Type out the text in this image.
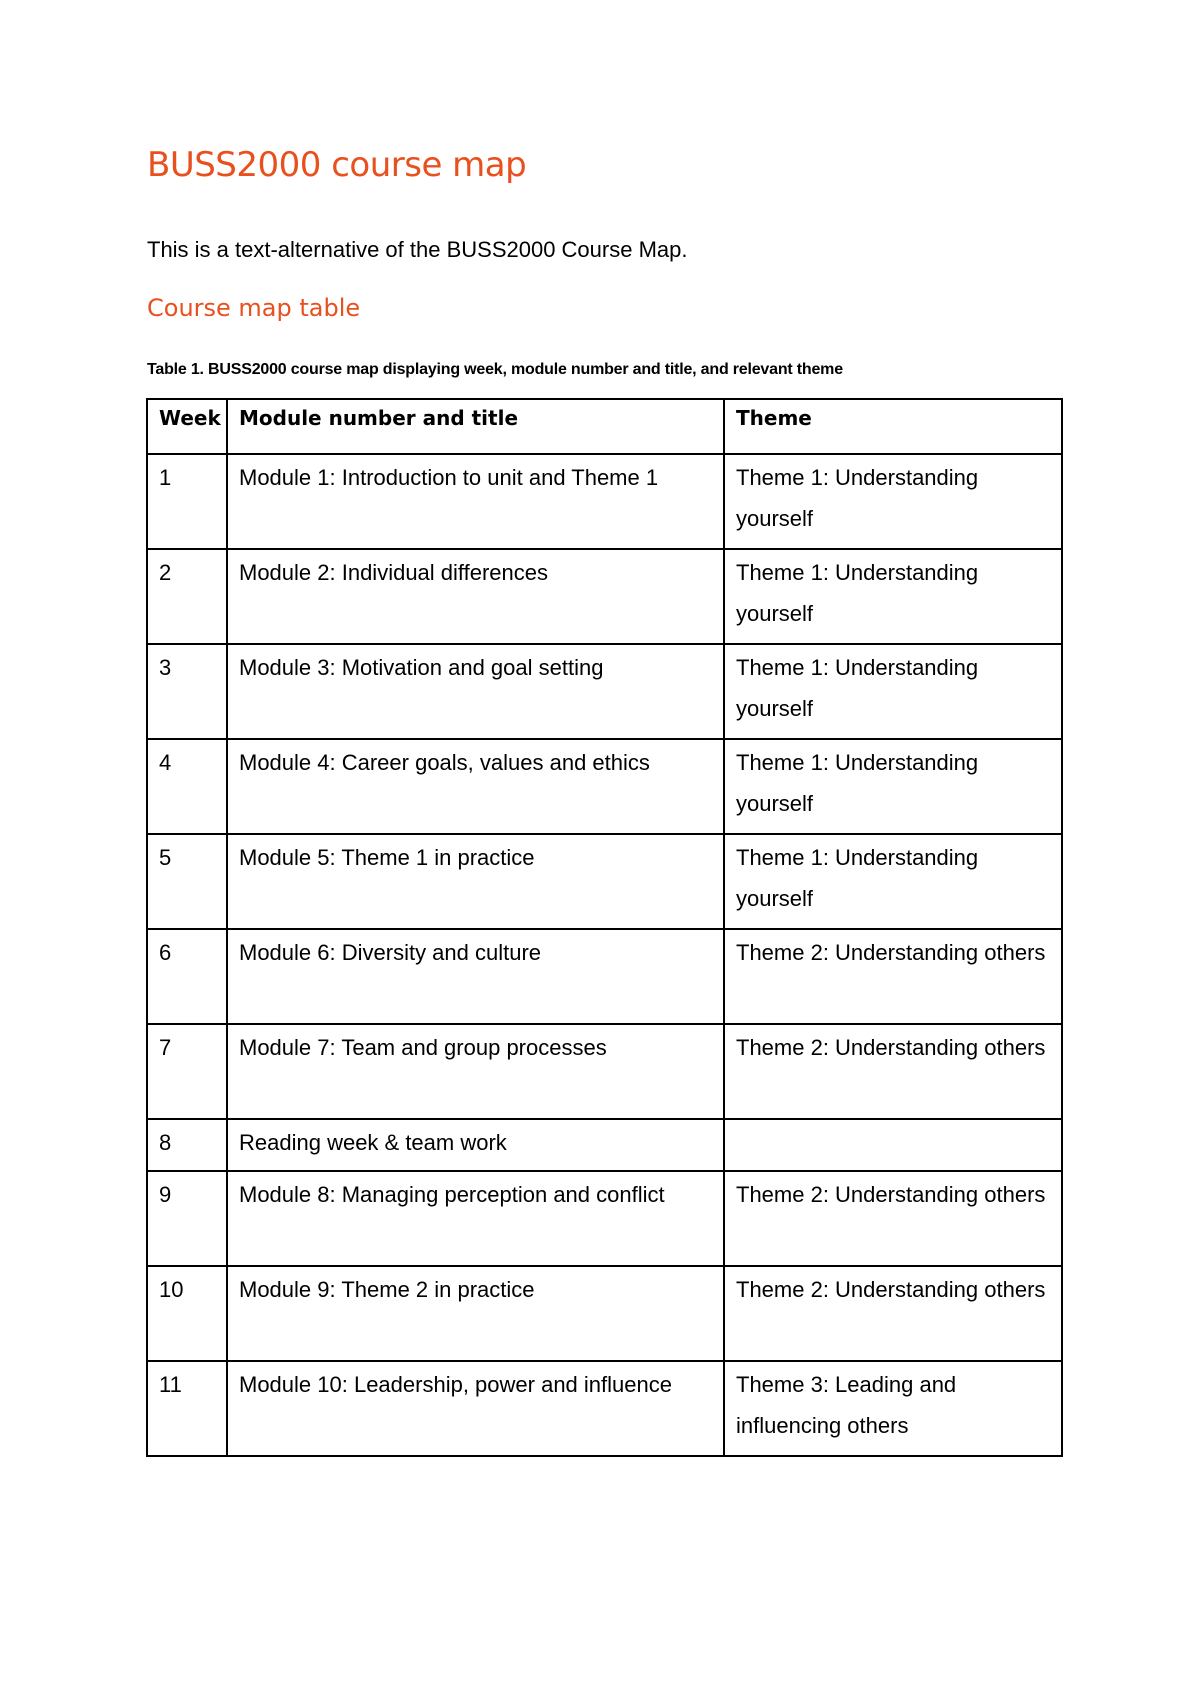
BUSS2000 course map

This is a text-alternative of the BUSS2000 Course Map.

Course map table

Table 1. BUSS2000 course map displaying week, module number and title, and relevant theme

Week	Module number and title	Theme
1	Module 1: Introduction to unit and Theme 1	Theme 1: Understanding yourself
2	Module 2: Individual differences	Theme 1: Understanding yourself
3	Module 3: Motivation and goal setting	Theme 1: Understanding yourself
4	Module 4: Career goals, values and ethics	Theme 1: Understanding yourself
5	Module 5: Theme 1 in practice	Theme 1: Understanding yourself
6	Module 6: Diversity and culture	Theme 2: Understanding others
7	Module 7: Team and group processes	Theme 2: Understanding others
8	Reading week & team work	
9	Module 8: Managing perception and conflict	Theme 2: Understanding others
10	Module 9: Theme 2 in practice	Theme 2: Understanding others
11	Module 10: Leadership, power and influence	Theme 3: Leading and influencing others
